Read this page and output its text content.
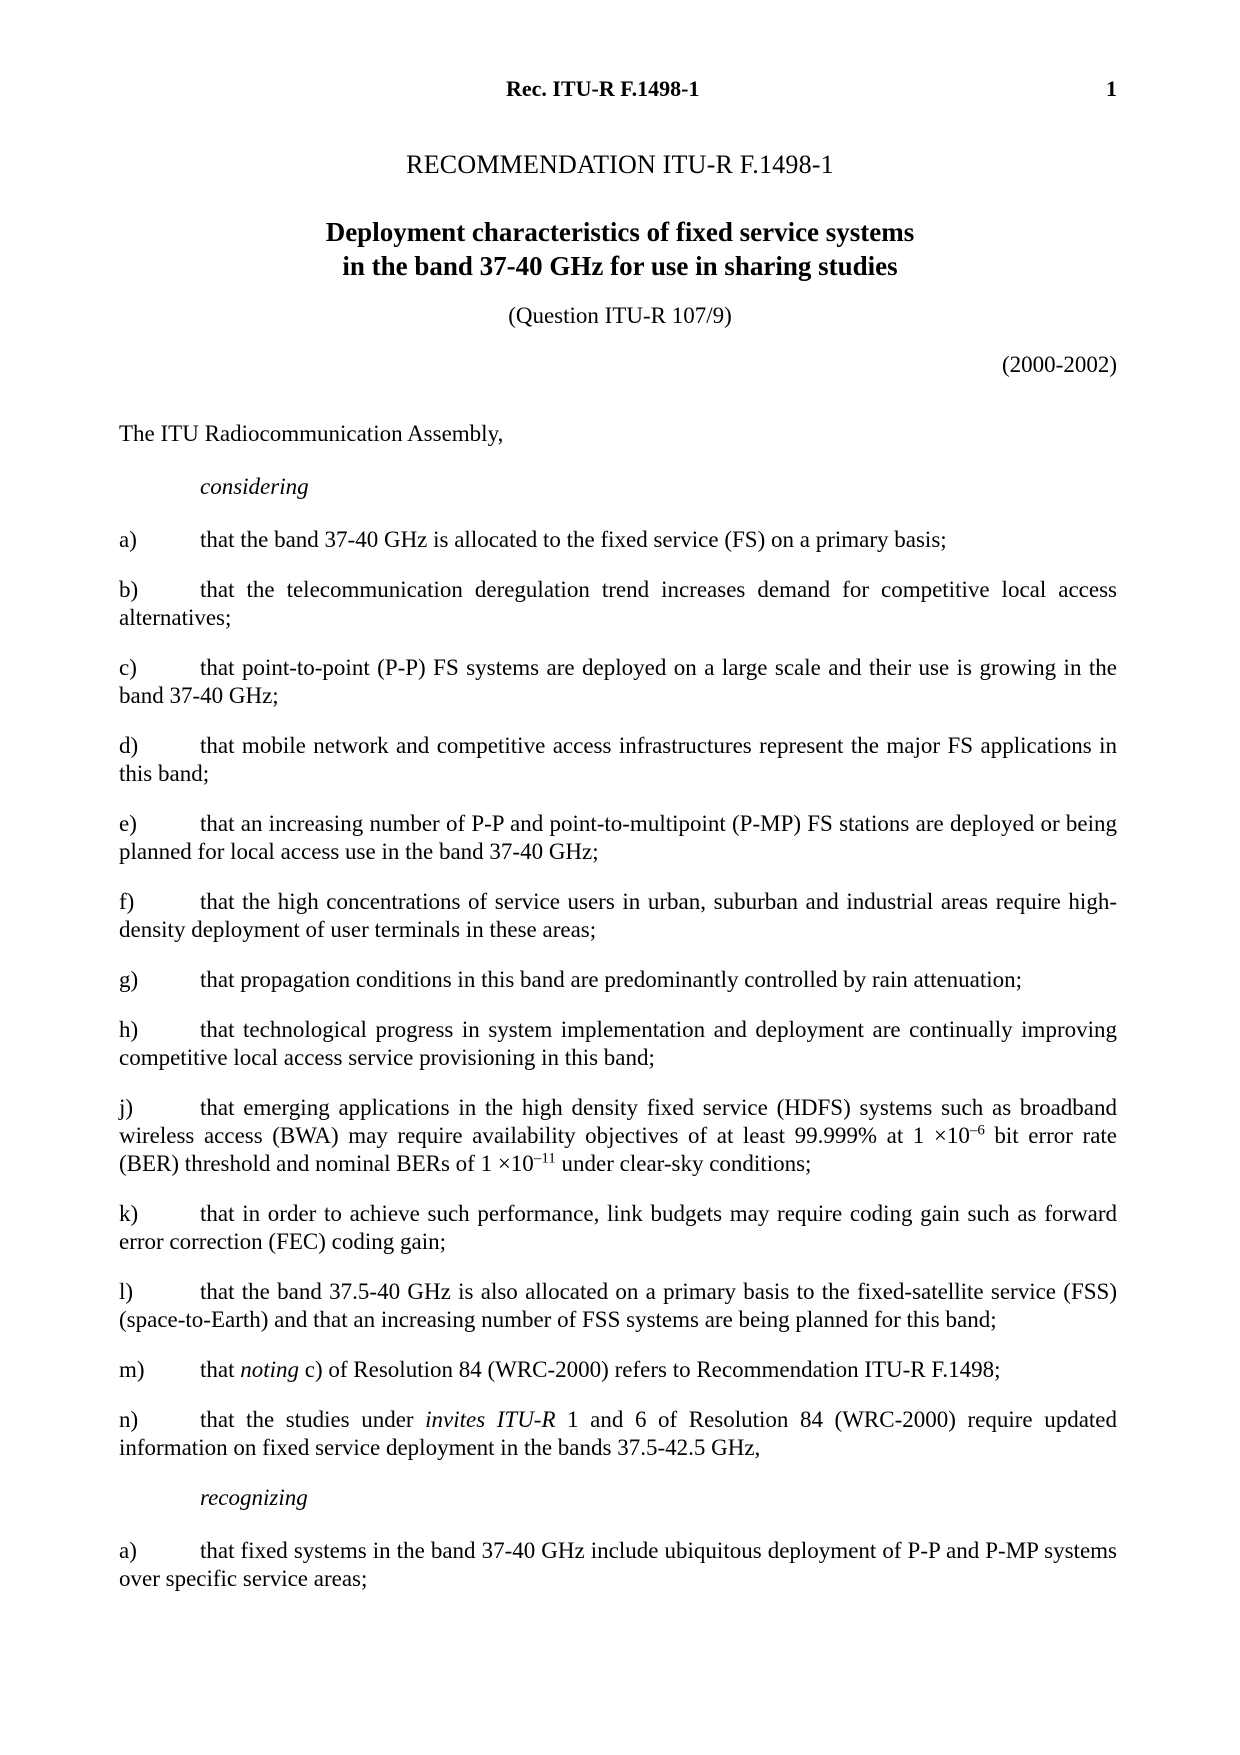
Rec. ITU-R F.1498-1	1
RECOMMENDATION ITU-R F.1498-1
Deployment characteristics of fixed service systems
in the band 37-40 GHz for use in sharing studies
(Question ITU-R 107/9)
(2000-2002)

The ITU Radiocommunication Assembly,

considering

a)	that the band 37-40 GHz is allocated to the fixed service (FS) on a primary basis;

b)	that the telecommunication deregulation trend increases demand for competitive local access alternatives;

c)	that point-to-point (P-P) FS systems are deployed on a large scale and their use is growing in the band 37-40 GHz;

d)	that mobile network and competitive access infrastructures represent the major FS applications in this band;

e)	that an increasing number of P-P and point-to-multipoint (P-MP) FS stations are deployed or being planned for local access use in the band 37-40 GHz;

f)	that the high concentrations of service users in urban, suburban and industrial areas require high-density deployment of user terminals in these areas;

g)	that propagation conditions in this band are predominantly controlled by rain attenuation;

h)	that technological progress in system implementation and deployment are continually improving competitive local access service provisioning in this band;

j)	that emerging applications in the high density fixed service (HDFS) systems such as broadband wireless access (BWA) may require availability objectives of at least 99.999% at $1 \times 10^{-6}$ bit error rate (BER) threshold and nominal BERs of $1 \times 10^{-11}$ under clear-sky conditions;

k)	that in order to achieve such performance, link budgets may require coding gain such as forward error correction (FEC) coding gain;

l)	that the band 37.5-40 GHz is also allocated on a primary basis to the fixed-satellite service (FSS) (space-to-Earth) and that an increasing number of FSS systems are being planned for this band;

m) that noting c) of Resolution 84 (WRC-2000) refers to Recommendation ITU-R F.1498;

n)	that the studies under invites ITU-R 1 and 6 of Resolution 84 (WRC-2000) require updated information on fixed service deployment in the bands 37.5-42.5 GHz,

recognizing

a)	that fixed systems in the band 37-40 GHz include ubiquitous deployment of P-P and P-MP systems over specific service areas;
